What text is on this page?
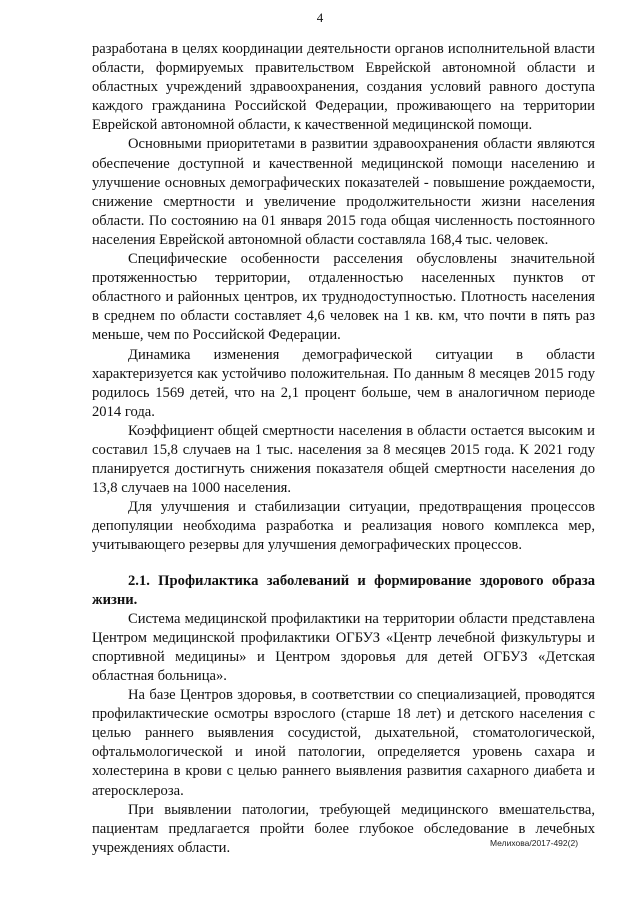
4

разработана в целях координации деятельности органов исполнительной власти области, формируемых правительством Еврейской автономной области и областных учреждений здравоохранения, создания условий равного доступа каждого гражданина Российской Федерации, проживающего на территории Еврейской автономной области, к качественной медицинской помощи.

Основными приоритетами в развитии здравоохранения области являются обеспечение доступной и качественной медицинской помощи населению и улучшение основных демографических показателей - повышение рождаемости, снижение смертности и увеличение продолжительности жизни населения области. По состоянию на 01 января 2015 года общая численность постоянного населения Еврейской автономной области составляла 168,4 тыс. человек.

Специфические особенности расселения обусловлены значительной протяженностью территории, отдаленностью населенных пунктов от областного и районных центров, их труднодоступностью. Плотность населения в среднем по области составляет 4,6 человек на 1 кв. км, что почти в пять раз меньше, чем по Российской Федерации.

Динамика изменения демографической ситуации в области характеризуется как устойчиво положительная. По данным 8 месяцев 2015 году родилось 1569 детей, что на 2,1 процент больше, чем в аналогичном периоде 2014 года.

Коэффициент общей смертности населения в области остается высоким и составил 15,8 случаев на 1 тыс. населения за 8 месяцев 2015 года. К 2021 году планируется достигнуть снижения показателя общей смертности населения до 13,8 случаев на 1000 населения.

Для улучшения и стабилизации ситуации, предотвращения процессов депопуляции необходима разработка и реализация нового комплекса мер, учитывающего резервы для улучшения демографических процессов.

2.1. Профилактика заболеваний и формирование здорового образа жизни.

Система медицинской профилактики на территории области представлена Центром медицинской профилактики ОГБУЗ «Центр лечебной физкультуры и спортивной медицины» и Центром здоровья для детей ОГБУЗ «Детская областная больница».

На базе Центров здоровья, в соответствии со специализацией, проводятся профилактические осмотры взрослого (старше 18 лет) и детского населения с целью раннего выявления сосудистой, дыхательной, стоматологической, офтальмологической и иной патологии, определяется уровень сахара и холестерина в крови с целью раннего выявления развития сахарного диабета и атеросклероза.

При выявлении патологии, требующей медицинского вмешательства, пациентам предлагается пройти более глубокое обследование в лечебных учреждениях области.	Мелихова/2017-492(2)
